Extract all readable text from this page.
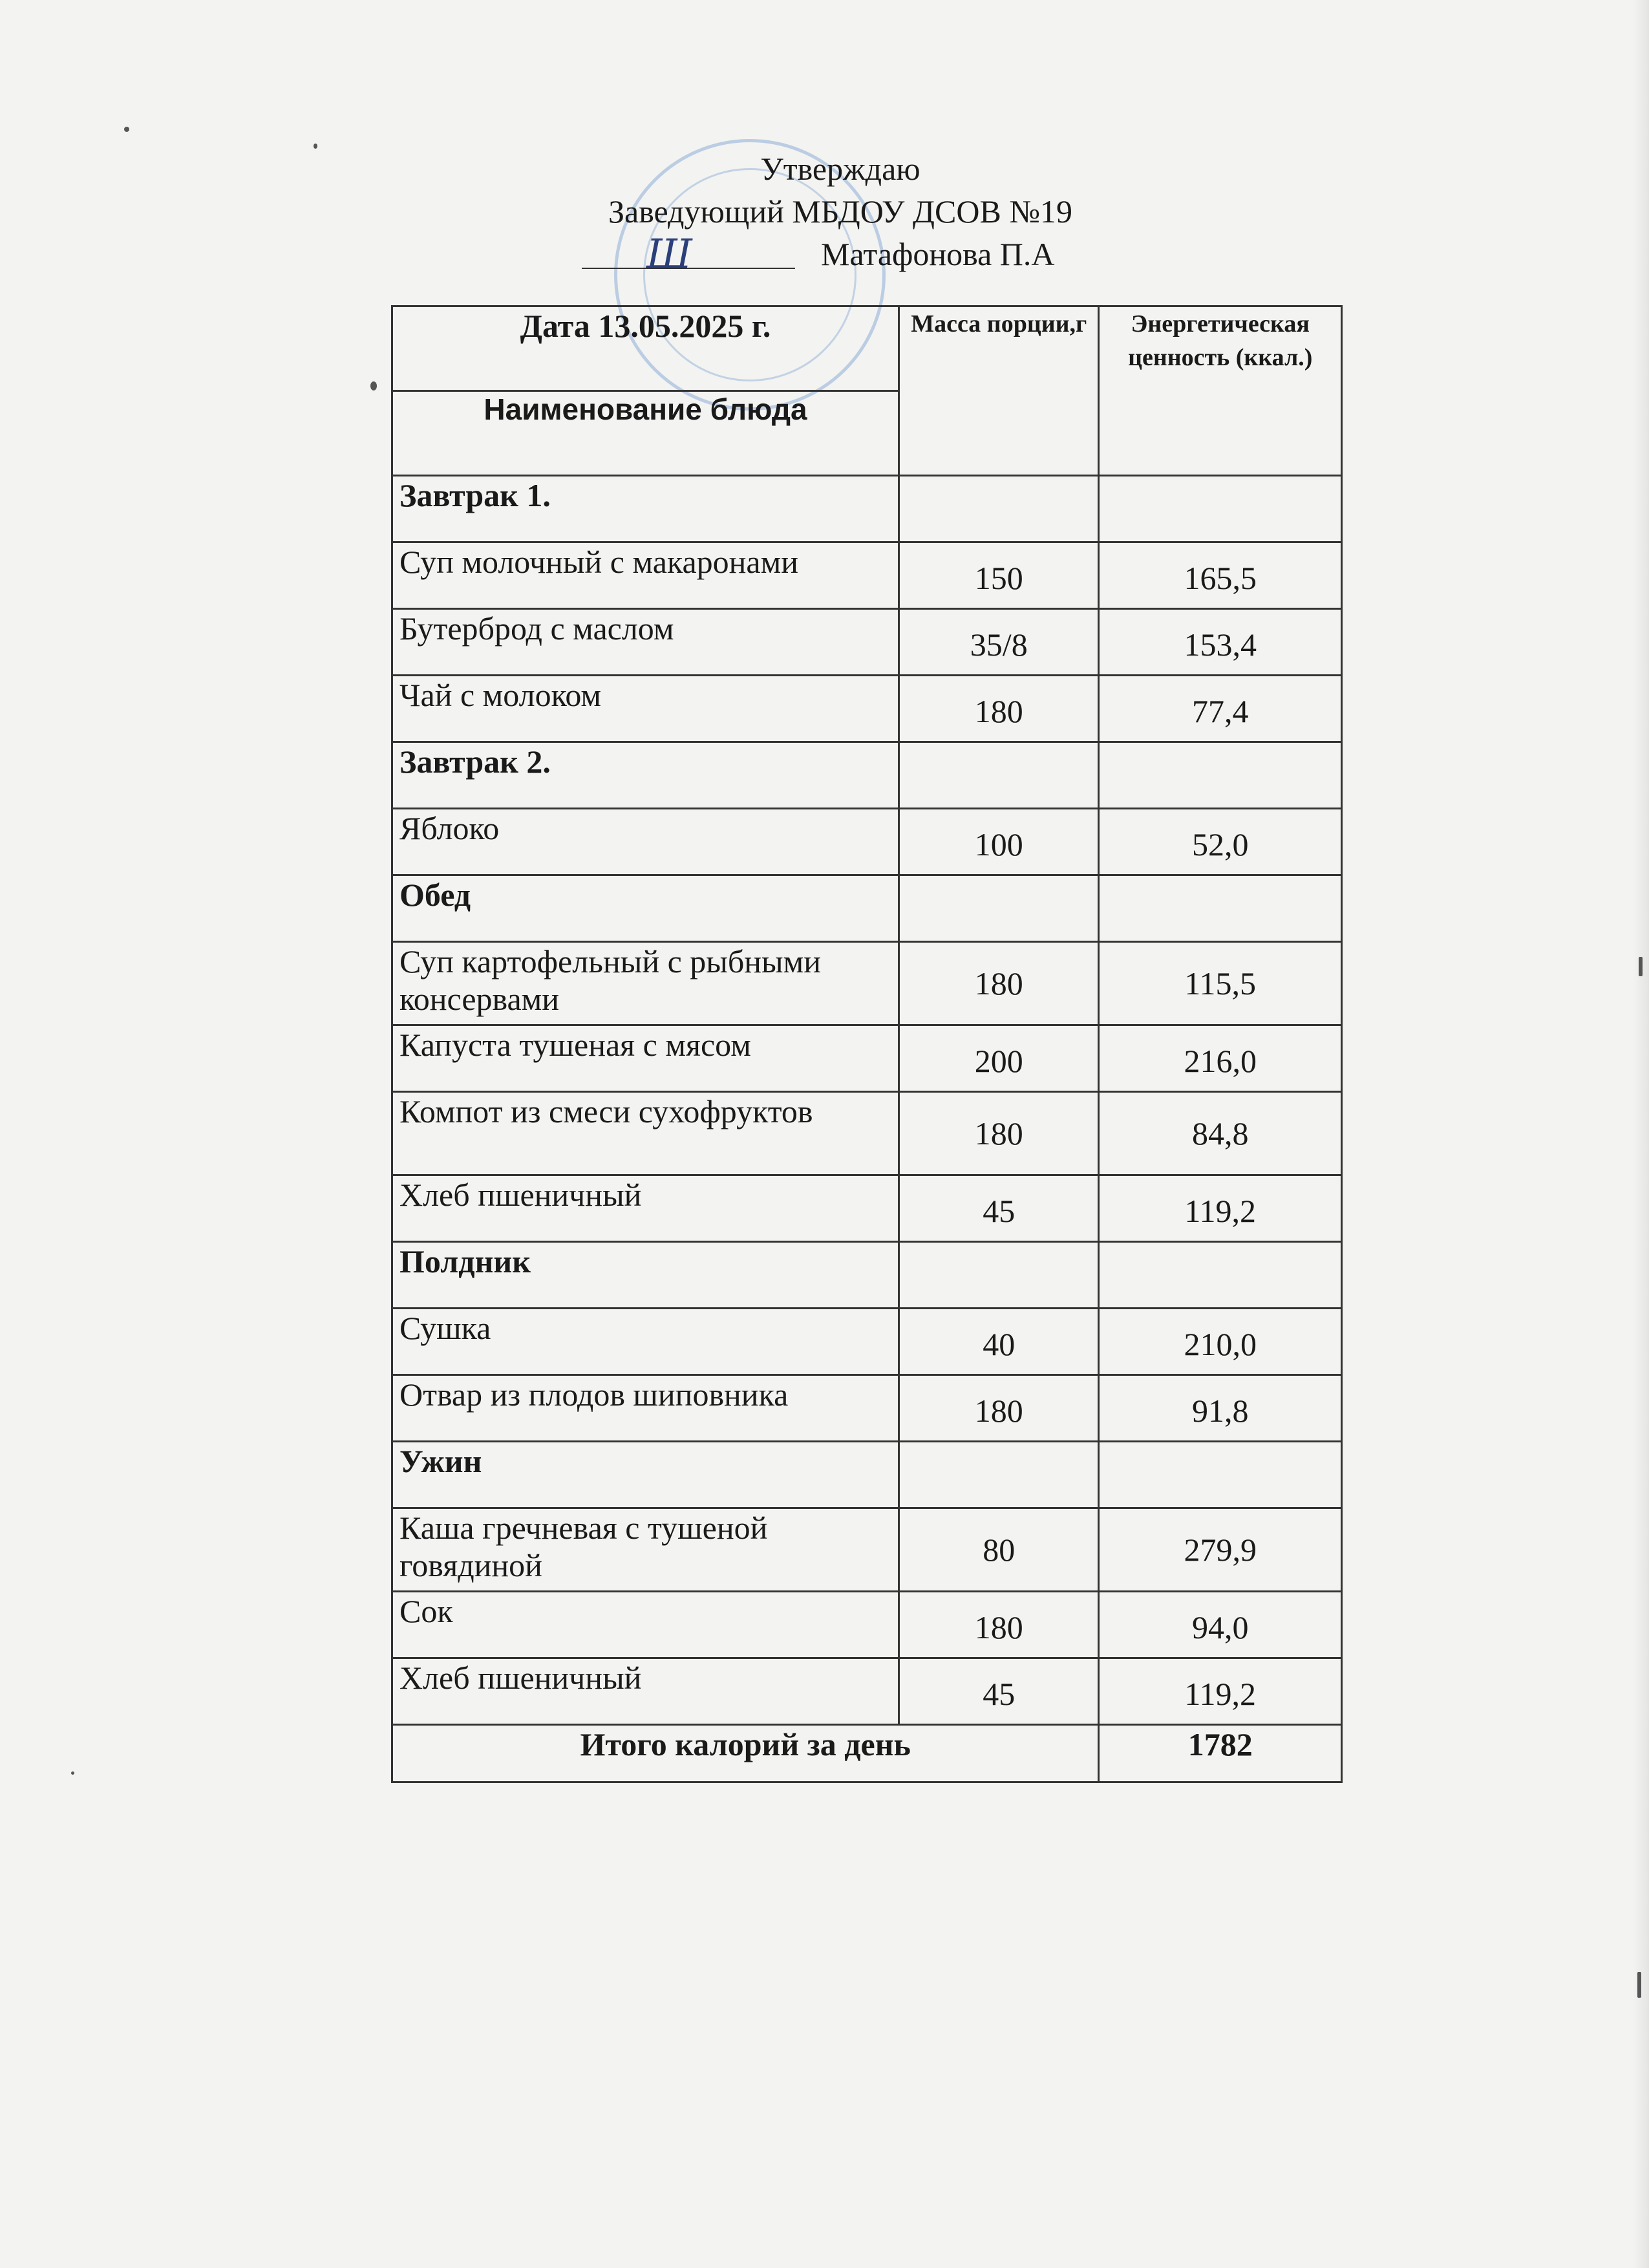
Утверждаю
Заведующий МБДОУ ДСОВ №19
Ш	Матафонова П.А
Дата 13.05.2025 г.	Масса порции,г	Энергетическая ценность (ккал.)
Наименование блюда		
Завтрак 1.		
Суп молочный с макаронами	150	165,5
Бутерброд с маслом	35/8	153,4
Чай с молоком	180	77,4
Завтрак 2.		
Яблоко	100	52,0
Обед		
Суп картофельный с рыбными консервами	180	115,5
Капуста тушеная с мясом	200	216,0
Компот из смеси сухофруктов	180	84,8
Хлеб пшеничный	45	119,2
Полдник		
Сушка	40	210,0
Отвар из плодов шиповника	180	91,8
Ужин		
Каша гречневая с тушеной говядиной	80	279,9
Сок	180	94,0
Хлеб пшеничный	45	119,2
Итого калорий за день		1782
